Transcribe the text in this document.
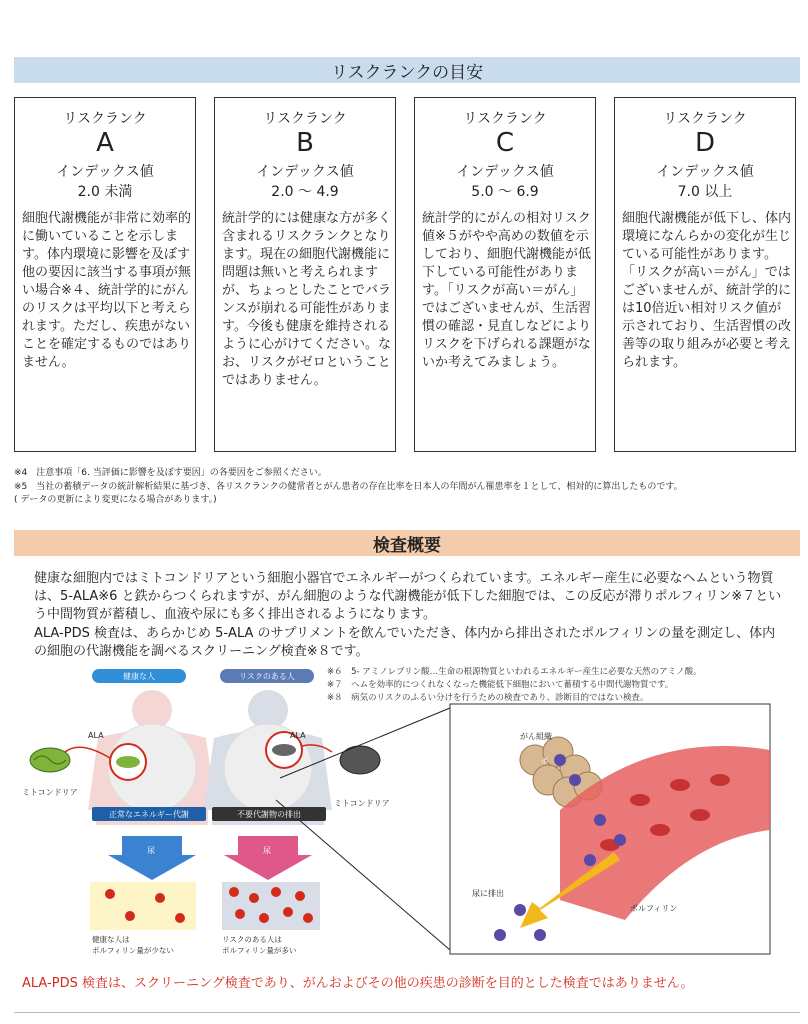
リスクランクの目安
リスクランク
A
インデックス値
2.0 未満
細胞代謝機能が非常に効率的に働いていることを示します。体内環境に影響を及ぼす他の要因に該当する事項が無い場合※４、統計学的にがんのリスクは平均以下と考えられます。ただし、疾患がないことを確定するものではありません。
リスクランク
B
インデックス値
2.0 ～ 4.9
統計学的には健康な方が多く含まれるリスクランクとなります。現在の細胞代謝機能に問題は無いと考えられますが、ちょっとしたことでバランスが崩れる可能性があります。今後も健康を維持されるように心がけてください。なお、リスクがゼロということではありません。
リスクランク
C
インデックス値
5.0 ～ 6.9
統計学的にがんの相対リスク値※５がやや高めの数値を示しており、細胞代謝機能が低下している可能性があります。「リスクが高い＝がん」ではございませんが、生活習慣の確認・見直しなどによりリスクを下げられる課題がないか考えてみましょう。
リスクランク
D
インデックス値
7.0 以上
細胞代謝機能が低下し、体内環境になんらかの変化が生じている可能性があります。「リスクが高い＝がん」ではございませんが、統計学的には10倍近い相対リスク値が示されており、生活習慣の改善等の取り組みが必要と考えられます。
※4　注意事項「6. 当評価に影響を及ぼす要因」の各要因をご参照ください。
※5　当社の蓄積データの統計解析結果に基づき、各リスクランクの健常者とがん患者の存在比率を日本人の年間がん罹患率を１として、相対的に算出したものです。
( データの更新により変更になる場合があります。)
検査概要
健康な細胞内ではミトコンドリアという細胞小器官でエネルギーがつくられています。エネルギー産生に必要なヘムという物質は、5-ALA※6 と鉄からつくられますが、がん細胞のような代謝機能が低下した細胞では、この反応が滞りポルフィリン※７という中間物質が蓄積し、血液や尿にも多く排出されるようになります。
ALA-PDS 検査は、あらかじめ 5-ALA のサプリメントを飲んでいただき、体内から排出されたポルフィリンの量を測定し、体内の細胞の代謝機能を調べるスクリーニング検査※８です。
※６　5- アミノレブリン酸…生命の根源物質といわれるエネルギー産生に必要な天然のアミノ酸。
※７　ヘムを効率的につくれなくなった機能低下細胞において蓄積する中間代謝物質です。
※８　病気のリスクのふるい分けを行うための検査であり、診断目的ではない検査。
健康な人	リスクのある人
ALA	ALA
ミトコンドリア
ミトコンドリア
正常なエネルギー代謝	不要代謝物の排出
尿	尿
健康な人は
ポルフィリン量が少ない
リスクのある人は
ポルフィリン量が多い
がん組織
尿に排出
ポルフィリン
ポ
ALA-PDS 検査は、スクリーニング検査であり、がんおよびその他の疾患の診断を目的とした検査ではありません。
